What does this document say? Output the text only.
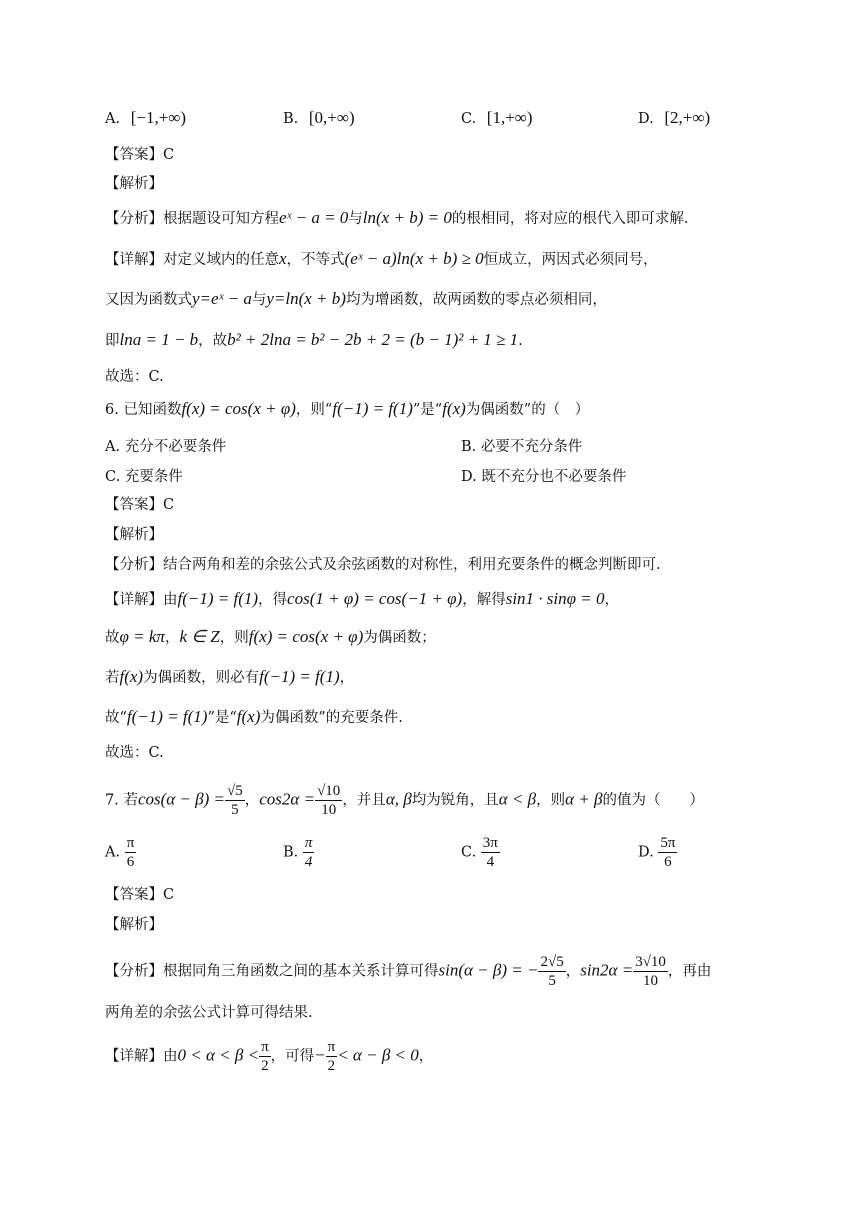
A. [−1,+∞)	B. [0,+∞)	C. [1,+∞)	D. [2,+∞)
【答案】C
【解析】
【分析】根据题设可知方程eˣ − a = 0与ln(x + b) = 0的根相同，将对应的根代入即可求解.
【详解】对定义域内的任意x，不等式(eˣ − a)ln(x + b) ≥ 0恒成立，两因式必须同号，
又因为函数式y=eˣ − a与y=ln(x + b)均为增函数，故两函数的零点必须相同，
即lna = 1 − b，故b² + 2lna = b² − 2b + 2 = (b − 1)² + 1 ≥ 1.
故选：C.
6. 已知函数f(x) = cos(x + φ)，则“f(−1) = f(1)”是“f(x)为偶函数”的（　）
A. 充分不必要条件	B. 必要不充分条件
C. 充要条件	D. 既不充分也不必要条件
【答案】C
【解析】
【分析】结合两角和差的余弦公式及余弦函数的对称性，利用充要条件的概念判断即可.
【详解】由f(−1) = f(1)，得cos(1 + φ) = cos(−1 + φ)，解得sin1 · sinφ = 0，
故φ = kπ，k ∈ Z，则f(x) = cos(x + φ)为偶函数；
若f(x)为偶函数，则必有f(−1) = f(1)，
故“f(−1) = f(1)”是“f(x)为偶函数”的充要条件.
故选：C.
7. 若$\cos(\alpha - \beta) = \frac{√5}{5}$ ，$\cos 2\alpha = \frac{√10}{10}$ ，并且α, β均为锐角，且α < β，则α + β的值为（　　）
A. $\frac{\pi}{6}$	B. $\frac{\pi}{4}$	C. $\frac{3\pi}{4}$	D. $\frac{5\pi}{6}$
【答案】C
【解析】
【分析】根据同角三角函数之间的基本关系计算可得sin(α − β) = − $\frac{2√5}{5}$ ，$\sin 2\alpha = \frac{3√10}{10}$ ，再由
两角差的余弦公式计算可得结果.
【详解】由$0 < \alpha < \beta < \frac{\pi}{2}$ ，可得− $\frac{\pi}{2} < \alpha - \beta < 0$，
